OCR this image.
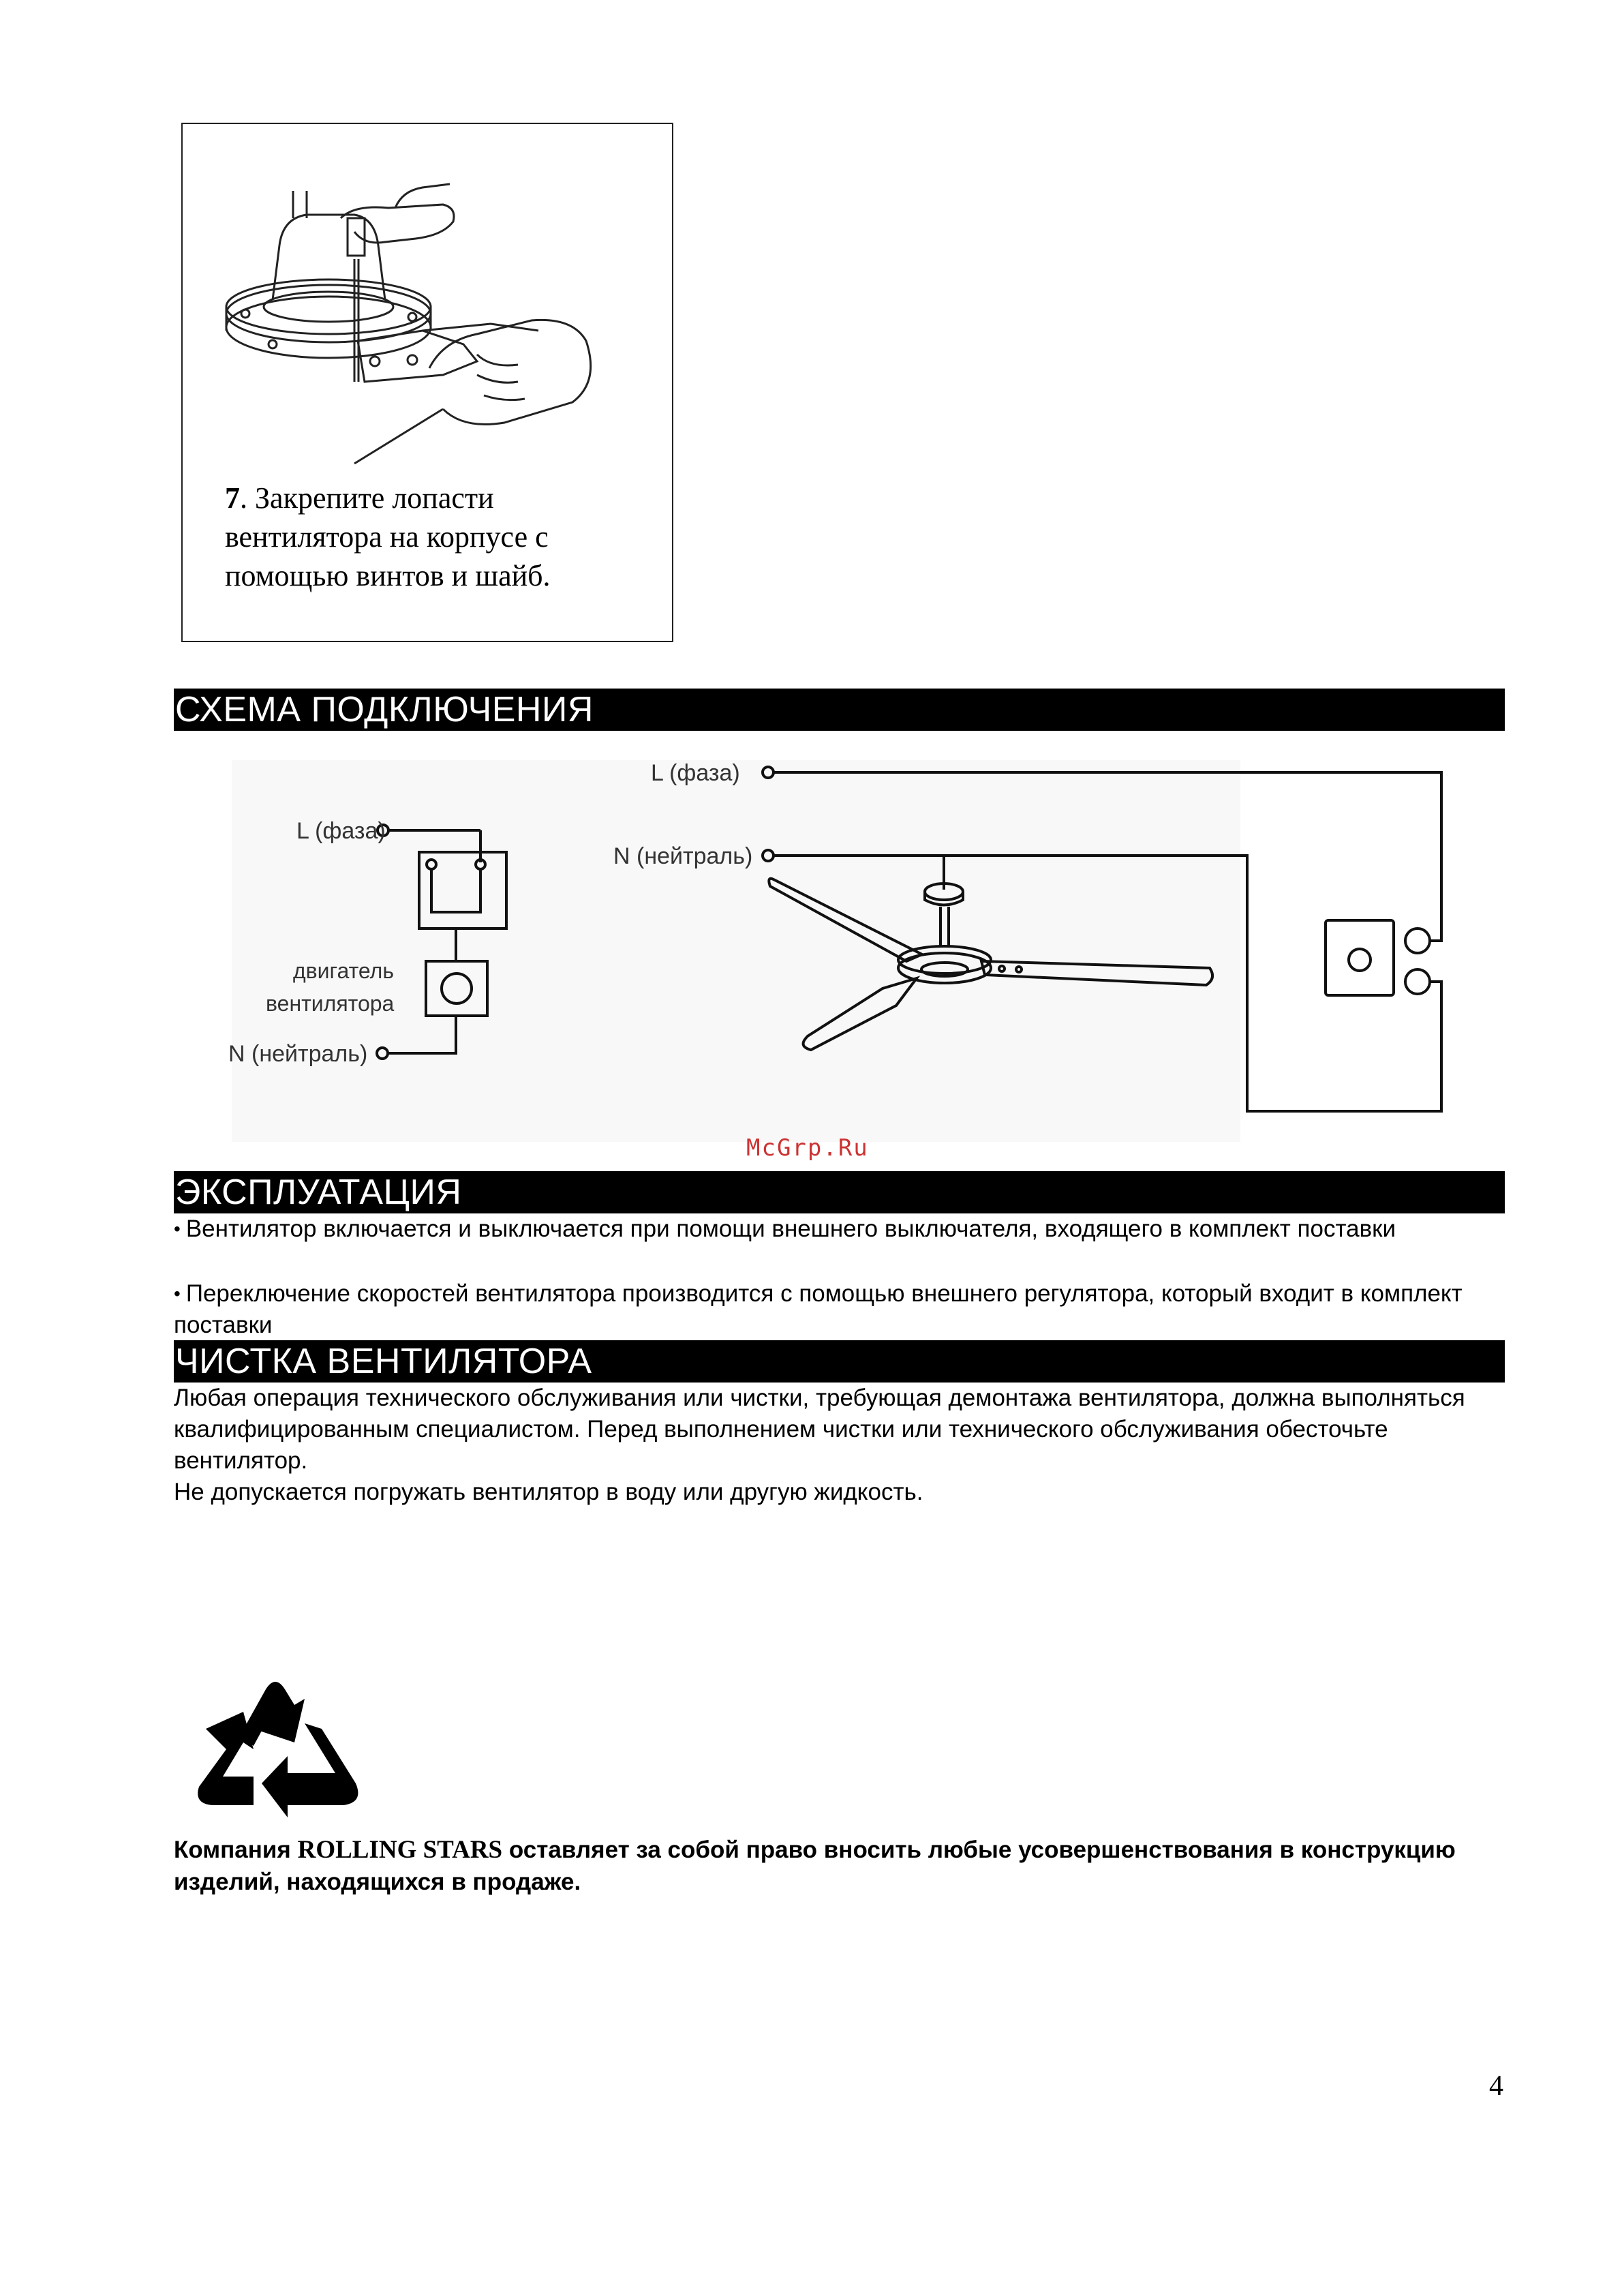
7. Закрепите лопасти вентилятора на корпусе с помощью винтов и шайб.
СХЕМА ПОДКЛЮЧЕНИЯ
L (фаза)
двигатель
вентилятора
N (нейтраль)
L (фаза)
N (нейтраль)
McGrp.Ru
ЭКСПЛУАТАЦИЯ
• Вентилятор включается и выключается при помощи внешнего выключателя, входящего в комплект поставки
• Переключение скоростей вентилятора производится с помощью внешнего регулятора, который входит в комплект поставки
ЧИСТКА ВЕНТИЛЯТОРА
Любая операция технического обслуживания или чистки, требующая демонтажа вентилятора, должна выполняться квалифицированным специалистом. Перед выполнением чистки или технического обслуживания обесточьте вентилятор.
Не допускается погружать вентилятор в воду или другую жидкость.
Компания ROLLING STARS оставляет за собой право вносить любые усовершенствования в конструкцию изделий, находящихся в продаже.
4
